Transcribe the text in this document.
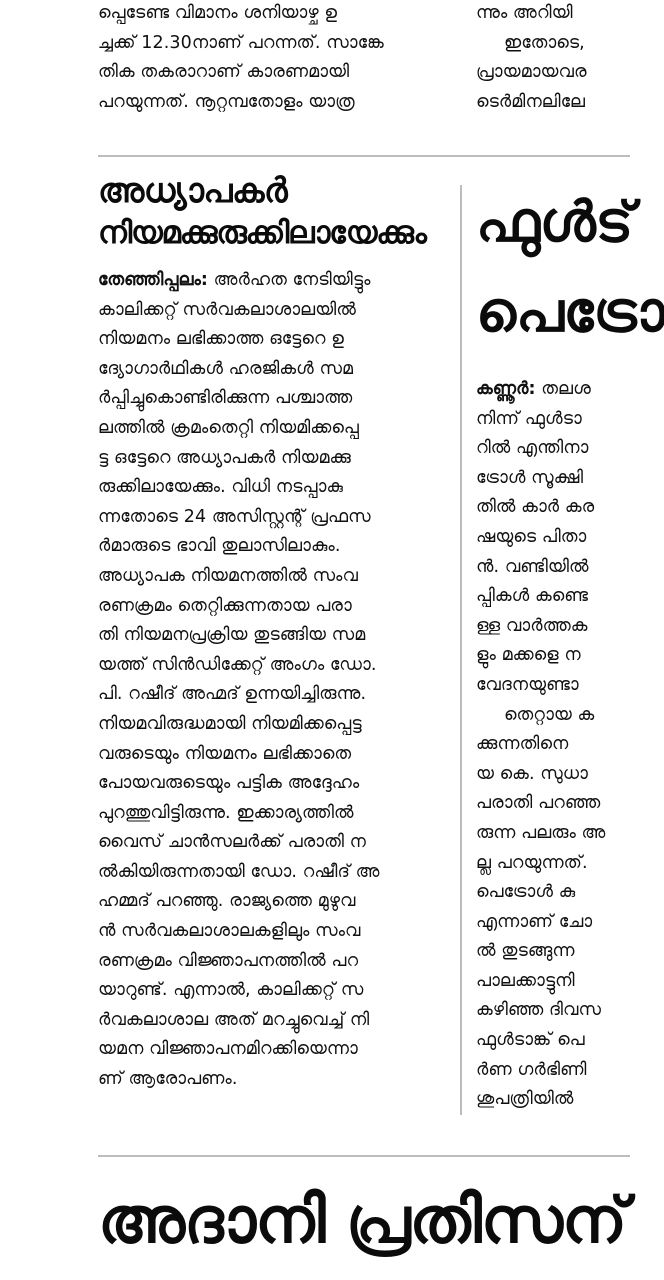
പ്പെടേണ്ട വിമാനം ശനിയാഴ്ച ഉ
ച്ചക്ക് 12.30നാണ് പറന്നത്. സാങ്കേ
തിക തകരാറാണ് കാരണമായി
പറയുന്നത്. നൂറ്റമ്പതോളം യാത്ര
ന്നും അറിയി
ഇതോടെ,
പ്രായമായവര
ടെർമിനലിലേ
അധ്യാപകർ
നിയമക്കുരുക്കിലായേക്കും
തേഞ്ഞിപ്പലം: അർഹത നേടിയിട്ടും
കാലിക്കറ്റ് സർവകലാശാലയിൽ
നിയമനം ലഭിക്കാത്ത ഒട്ടേറെ ഉ
ദ്യോഗാർഥികൾ ഹരജികൾ സമ
ർപ്പിച്ചുകൊണ്ടിരിക്കുന്ന പശ്ചാത്ത
ലത്തിൽ ക്രമംതെറ്റി നിയമിക്കപ്പെ
ട്ട ഒട്ടേറെ അധ്യാപകർ നിയമക്കു
രുക്കിലായേക്കും. വിധി നടപ്പാകു
ന്നതോടെ 24 അസിസ്റ്റന്റ് പ്രഫസ
ർമാരുടെ ഭാവി തുലാസിലാകും.
അധ്യാപക നിയമനത്തിൽ സംവ
രണക്രമം തെറ്റിക്കുന്നതായ പരാ
തി നിയമനപ്രക്രിയ തുടങ്ങിയ സമ
യത്ത് സിൻഡിക്കേറ്റ് അംഗം ഡോ.
പി. റഷീദ് അഹ്മദ് ഉന്നയിച്ചിരുന്നു.
നിയമവിരുദ്ധമായി നിയമിക്കപ്പെട്ട
വരുടെയും നിയമനം ലഭിക്കാതെ
പോയവരുടെയും പട്ടിക അദ്ദേഹം
പുറത്തുവിട്ടിരുന്നു. ഇക്കാര്യത്തിൽ
വൈസ് ചാൻസലർക്ക് പരാതി ന
ൽകിയിരുന്നതായി ഡോ. റഷീദ് അ
ഹമ്മദ് പറഞ്ഞു. രാജ്യത്തെ മുഴുവ
ൻ സർവകലാശാലകളിലും സംവ
രണക്രമം വിജ്ഞാപനത്തിൽ പറ
യാറുണ്ട്. എന്നാൽ, കാലിക്കറ്റ് സ
ർവകലാശാല അത് മറച്ചുവെച്ച് നി
യമന വിജ്ഞാപനമിറക്കിയെന്നാ
ണ് ആരോപണം.
ഫുൾട്
പെട്രോ
കണ്ണൂർ: തലശ
നിന്ന് ഫുൾടാ
റിൽ എന്തിനാ
ട്രോൾ സൂക്ഷി
തിൽ കാർ കര
ഷയുടെ പിതാ
ൻ. വണ്ടിയിൽ
പ്പികൾ കണ്ടെ
ള്ള വാർത്തക
ളും മക്കളെ ന
വേദനയുണ്ടാ
തെറ്റായ ക
ക്കുന്നതിനെ
യ കെ. സുധാ
പരാതി പറഞ്ഞ
രുന്ന പലരും അ
ല്ല പറയുന്നത്.
പെട്രോൾ കു
എന്നാണ് ചോ
ൽ തുടങ്ങുന്ന
പാലക്കാട്ടുനി
കഴിഞ്ഞ ദിവസ
ഫുൾടാങ്ക് പെ
ർണ ഗർഭിണി
ശുപത്രിയിൽ
അദാനി പ്രതിസന്
